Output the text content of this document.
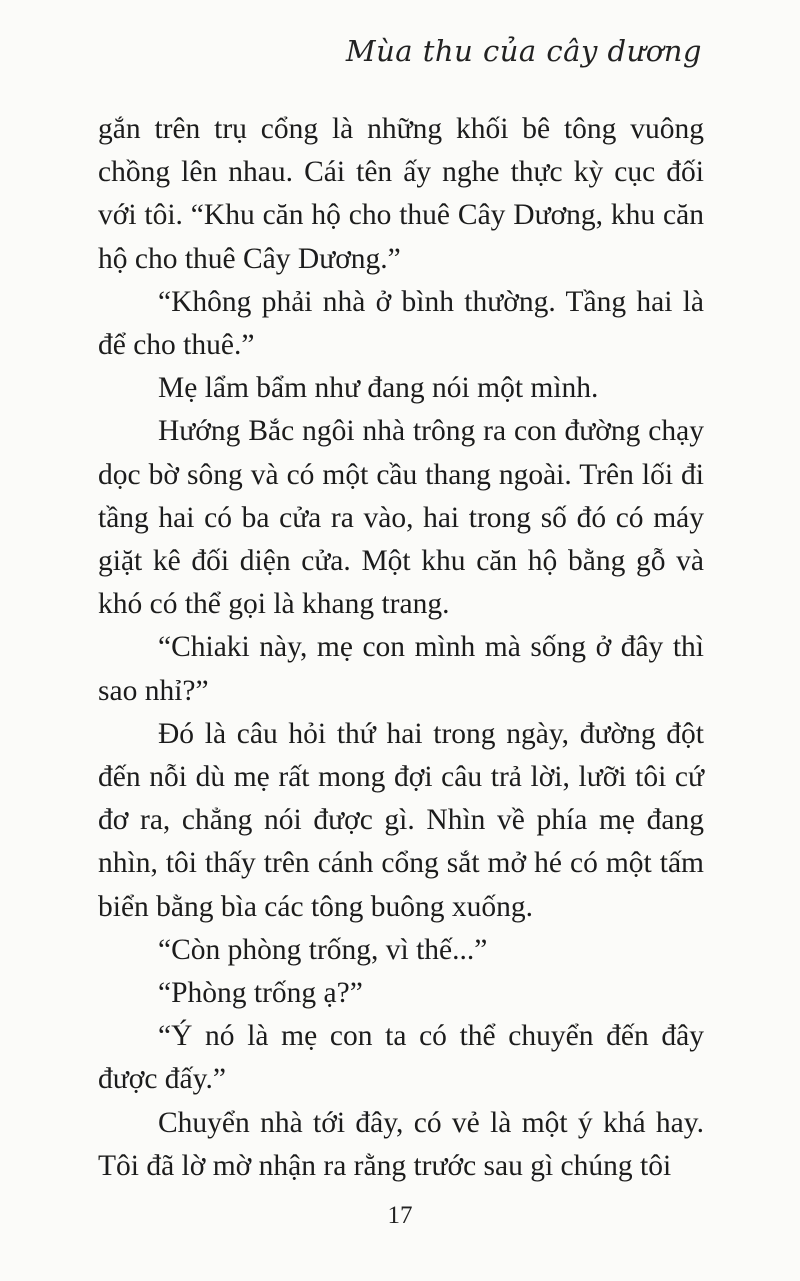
Mùa thu của cây dương

gắn trên trụ cổng là những khối bê tông vuông chồng lên nhau. Cái tên ấy nghe thực kỳ cục đối với tôi. “Khu căn hộ cho thuê Cây Dương, khu căn hộ cho thuê Cây Dương.”

“Không phải nhà ở bình thường. Tầng hai là để cho thuê.”

Mẹ lẩm bẩm như đang nói một mình.

Hướng Bắc ngôi nhà trông ra con đường chạy dọc bờ sông và có một cầu thang ngoài. Trên lối đi tầng hai có ba cửa ra vào, hai trong số đó có máy giặt kê đối diện cửa. Một khu căn hộ bằng gỗ và khó có thể gọi là khang trang.

“Chiaki này, mẹ con mình mà sống ở đây thì sao nhỉ?”

Đó là câu hỏi thứ hai trong ngày, đường đột đến nỗi dù mẹ rất mong đợi câu trả lời, lưỡi tôi cứ đơ ra, chẳng nói được gì. Nhìn về phía mẹ đang nhìn, tôi thấy trên cánh cổng sắt mở hé có một tấm biển bằng bìa các tông buông xuống.

“Còn phòng trống, vì thế...”

“Phòng trống ạ?”

“Ý nó là mẹ con ta có thể chuyển đến đây được đấy.”

Chuyển nhà tới đây, có vẻ là một ý khá hay. Tôi đã lờ mờ nhận ra rằng trước sau gì chúng tôi

17
